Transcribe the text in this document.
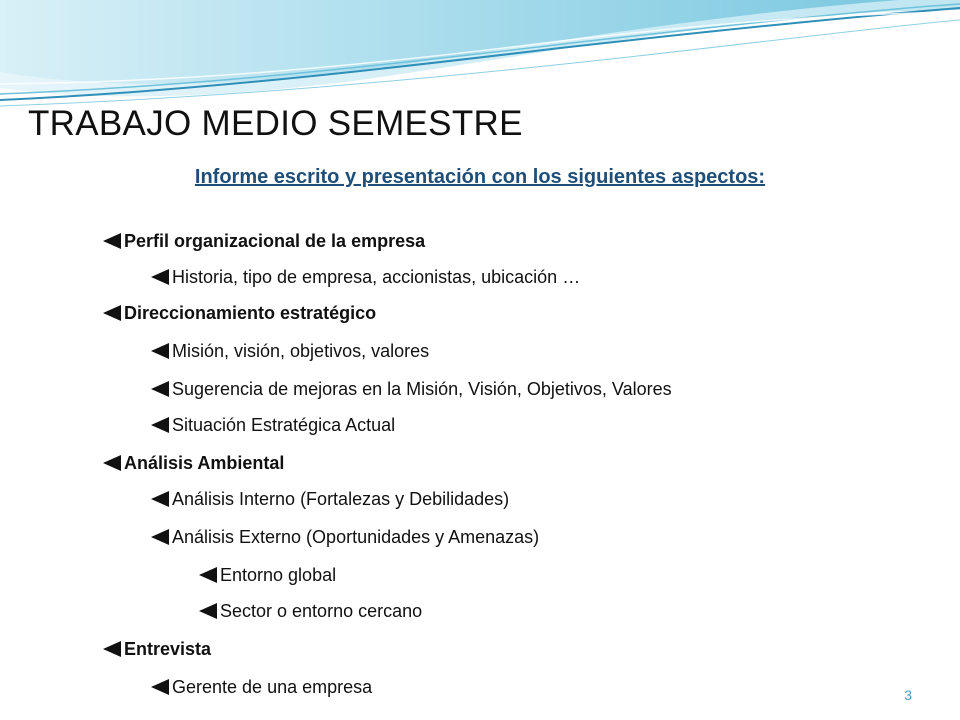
TRABAJO MEDIO SEMESTRE
Informe escrito y presentación con los siguientes aspectos:
Perfil organizacional de la empresa
Historia, tipo de empresa, accionistas, ubicación …
Direccionamiento estratégico
Misión, visión, objetivos, valores
Sugerencia de mejoras en la Misión, Visión, Objetivos, Valores
Situación Estratégica Actual
Análisis Ambiental
Análisis Interno (Fortalezas y Debilidades)
Análisis Externo (Oportunidades y Amenazas)
Entorno global
Sector o entorno cercano
Entrevista
Gerente de una empresa	3
